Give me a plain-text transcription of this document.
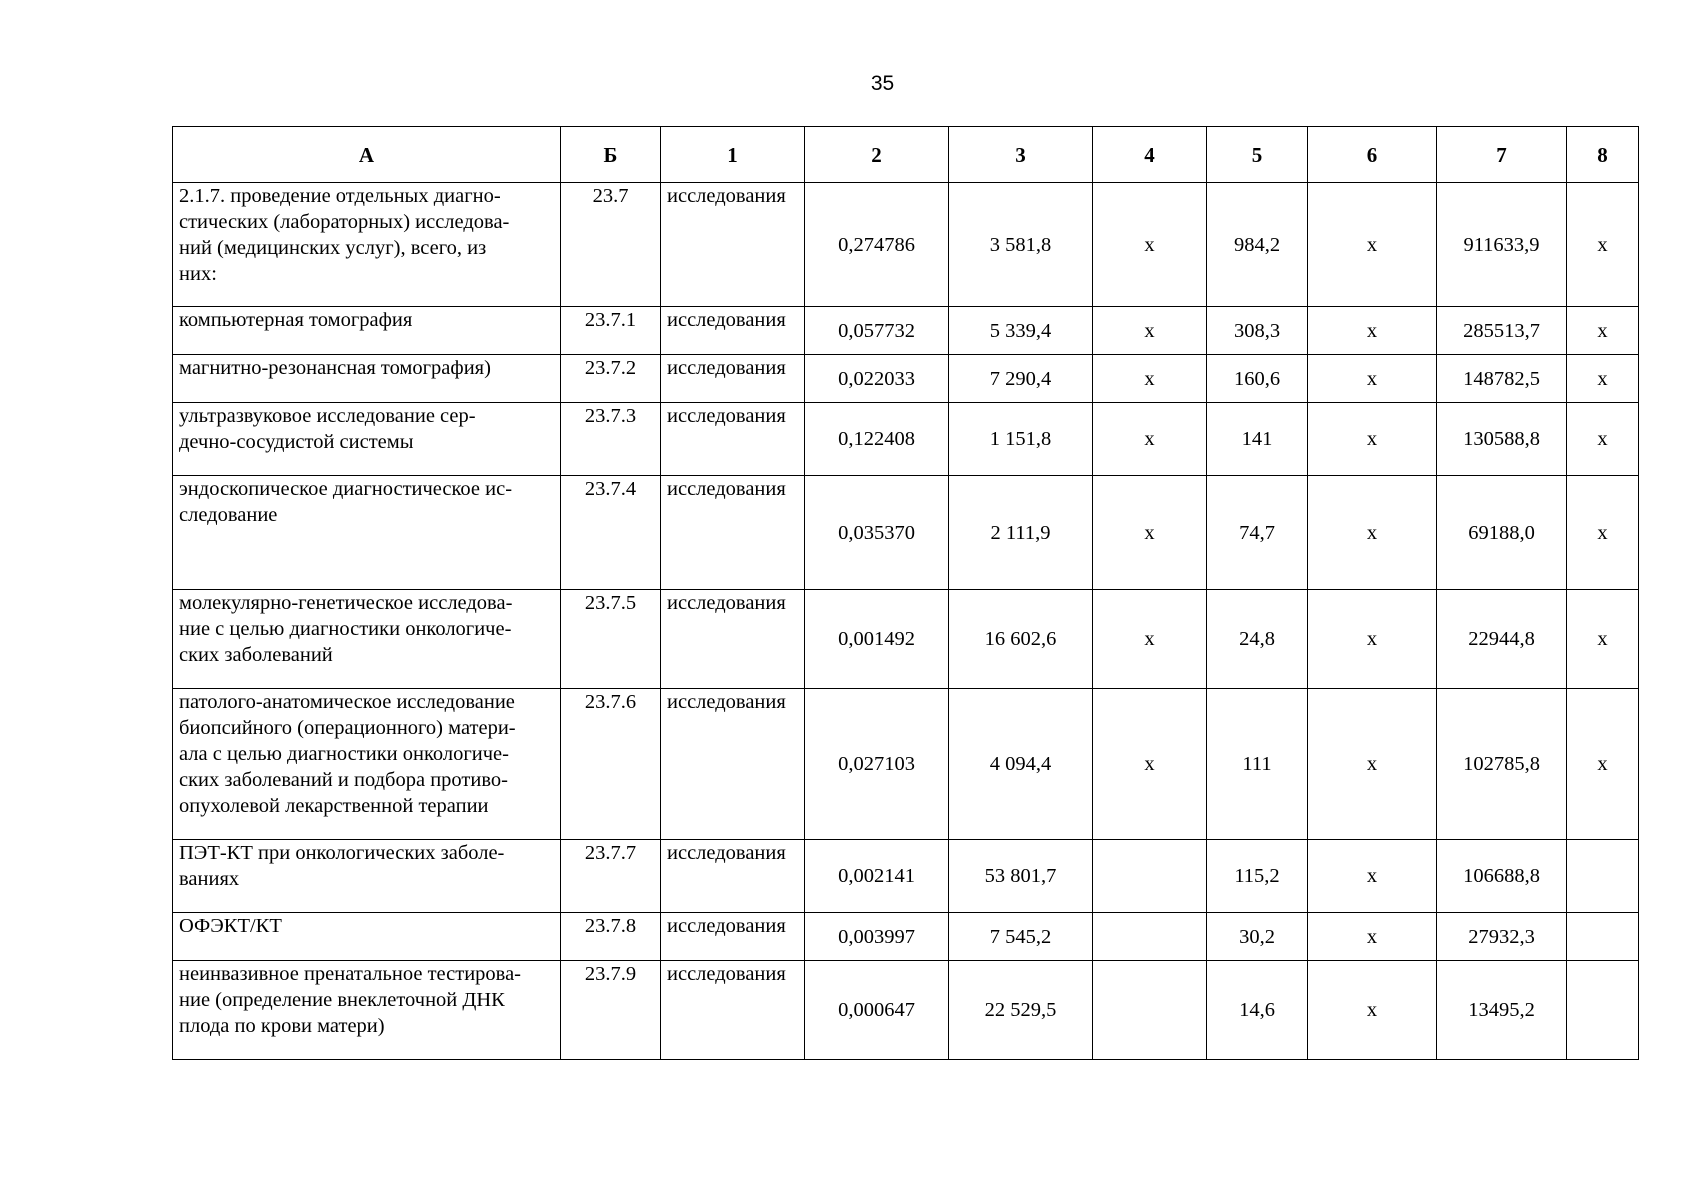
35
А	Б	1	2	3	4	5	6	7	8
2.1.7. проведение отдельных диагно-
стических (лабораторных) исследова-
ний (медицинских услуг), всего, из
них:	23.7	исследования	0,274786	3 581,8	х	984,2	х	911633,9	х
компьютерная томография	23.7.1	исследования	0,057732	5 339,4	х	308,3	х	285513,7	х
магнитно-резонансная томография)	23.7.2	исследования	0,022033	7 290,4	х	160,6	х	148782,5	х
ультразвуковое исследование сер-
дечно-сосудистой системы	23.7.3	исследования	0,122408	1 151,8	х	141	х	130588,8	х
эндоскопическое диагностическое ис-
следование	23.7.4	исследования	0,035370	2 111,9	х	74,7	х	69188,0	х
молекулярно-генетическое исследова-
ние с целью диагностики онкологиче-
ских заболеваний	23.7.5	исследования	0,001492	16 602,6	х	24,8	х	22944,8	х
патолого-анатомическое исследование
биопсийного (операционного) матери-
ала с целью диагностики онкологиче-
ских заболеваний и подбора противо-
опухолевой лекарственной терапии	23.7.6	исследования	0,027103	4 094,4	х	111	х	102785,8	х
ПЭТ-КТ при онкологических заболе-
ваниях	23.7.7	исследования	0,002141	53 801,7		115,2	х	106688,8	
ОФЭКТ/КТ	23.7.8	исследования	0,003997	7 545,2		30,2	х	27932,3	
неинвазивное пренатальное тестирова-
ние (определение внеклеточной ДНК
плода по крови матери)	23.7.9	исследования	0,000647	22 529,5		14,6	х	13495,2	
